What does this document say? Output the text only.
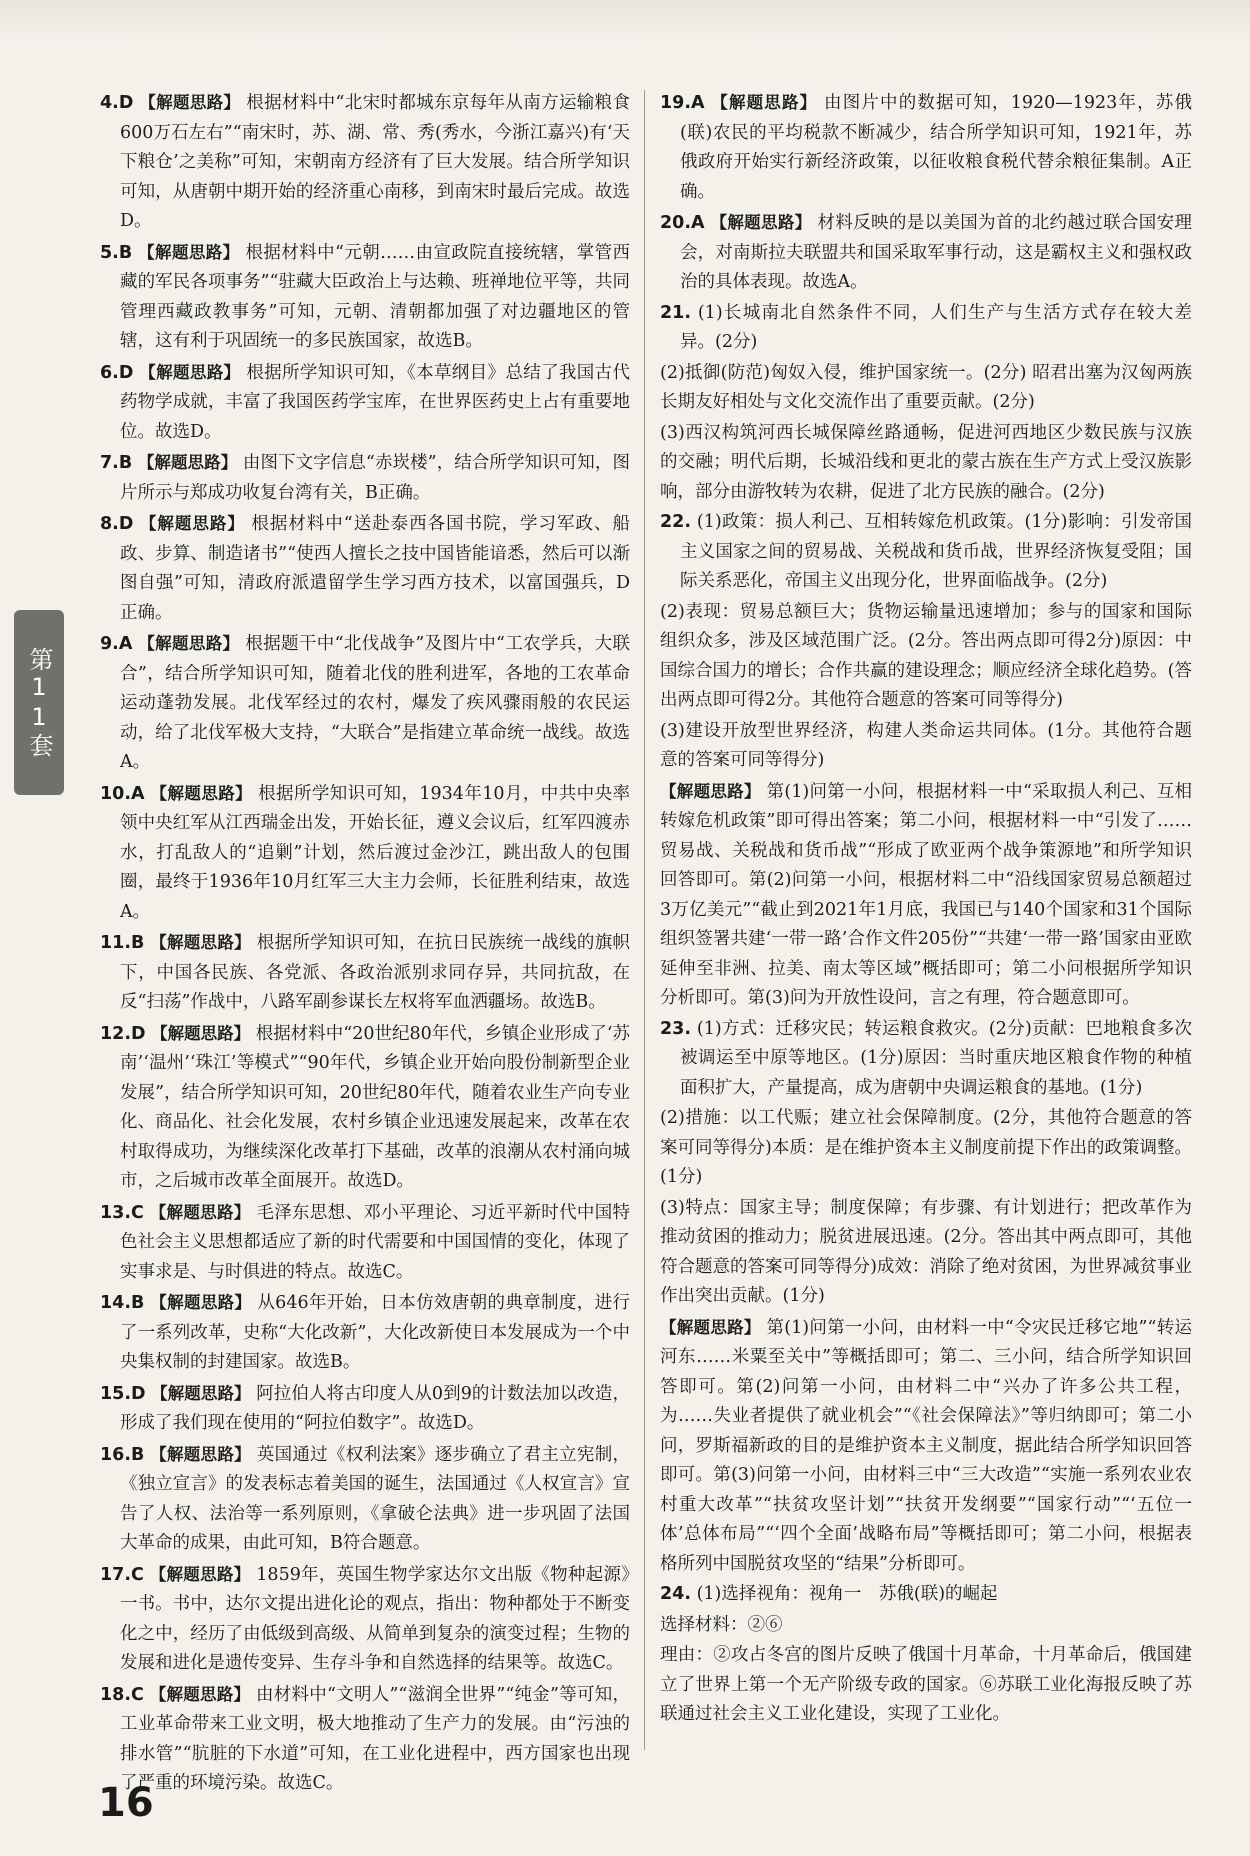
4.D 【解题思路】 根据材料中“北宋时都城东京每年从南方运输粮食600万石左右”“南宋时，苏、湖、常、秀(秀水，今浙江嘉兴)有‘天下粮仓’之美称”可知，宋朝南方经济有了巨大发展。结合所学知识可知，从唐朝中期开始的经济重心南移，到南宋时最后完成。故选D。
5.B 【解题思路】 根据材料中“元朝……由宣政院直接统辖，掌管西藏的军民各项事务”“驻藏大臣政治上与达赖、班禅地位平等，共同管理西藏政教事务”可知，元朝、清朝都加强了对边疆地区的管辖，这有利于巩固统一的多民族国家，故选B。
6.D 【解题思路】 根据所学知识可知，《本草纲目》总结了我国古代药物学成就，丰富了我国医药学宝库，在世界医药史上占有重要地位。故选D。
7.B 【解题思路】 由图下文字信息“赤崁楼”，结合所学知识可知，图片所示与郑成功收复台湾有关，B正确。
8.D 【解题思路】 根据材料中“送赴泰西各国书院，学习军政、船政、步算、制造诸书”“使西人擅长之技中国皆能谙悉，然后可以渐图自强”可知，清政府派遣留学生学习西方技术，以富国强兵，D正确。
9.A 【解题思路】 根据题干中“北伐战争”及图片中“工农学兵，大联合”，结合所学知识可知，随着北伐的胜利进军，各地的工农革命运动蓬勃发展。北伐军经过的农村，爆发了疾风骤雨般的农民运动，给了北伐军极大支持，“大联合”是指建立革命统一战线。故选A。
10.A 【解题思路】 根据所学知识可知，1934年10月，中共中央率领中央红军从江西瑞金出发，开始长征，遵义会议后，红军四渡赤水，打乱敌人的“追剿”计划，然后渡过金沙江，跳出敌人的包围圈，最终于1936年10月红军三大主力会师，长征胜利结束，故选A。
11.B 【解题思路】 根据所学知识可知，在抗日民族统一战线的旗帜下，中国各民族、各党派、各政治派别求同存异，共同抗敌，在反“扫荡”作战中，八路军副参谋长左权将军血洒疆场。故选B。
12.D 【解题思路】 根据材料中“20世纪80年代，乡镇企业形成了‘苏南’‘温州’‘珠江’等模式”“90年代，乡镇企业开始向股份制新型企业发展”，结合所学知识可知，20世纪80年代，随着农业生产向专业化、商品化、社会化发展，农村乡镇企业迅速发展起来，改革在农村取得成功，为继续深化改革打下基础，改革的浪潮从农村涌向城市，之后城市改革全面展开。故选D。
13.C 【解题思路】 毛泽东思想、邓小平理论、习近平新时代中国特色社会主义思想都适应了新的时代需要和中国国情的变化，体现了实事求是、与时俱进的特点。故选C。
14.B 【解题思路】 从646年开始，日本仿效唐朝的典章制度，进行了一系列改革，史称“大化改新”，大化改新使日本发展成为一个中央集权制的封建国家。故选B。
15.D 【解题思路】 阿拉伯人将古印度人从0到9的计数法加以改造，形成了我们现在使用的“阿拉伯数字”。故选D。
16.B 【解题思路】 英国通过《权利法案》逐步确立了君主立宪制，《独立宣言》的发表标志着美国的诞生，法国通过《人权宣言》宣告了人权、法治等一系列原则，《拿破仑法典》进一步巩固了法国大革命的成果，由此可知，B符合题意。
17.C 【解题思路】 1859年，英国生物学家达尔文出版《物种起源》一书。书中，达尔文提出进化论的观点，指出：物种都处于不断变化之中，经历了由低级到高级、从简单到复杂的演变过程；生物的发展和进化是遗传变异、生存斗争和自然选择的结果等。故选C。
18.C 【解题思路】 由材料中“文明人”“滋润全世界”“纯金”等可知，工业革命带来工业文明，极大地推动了生产力的发展。由“污浊的排水管”“肮脏的下水道”可知，在工业化进程中，西方国家也出现了严重的环境污染。故选C。
19.A 【解题思路】 由图片中的数据可知，1920—1923年，苏俄(联)农民的平均税款不断减少，结合所学知识可知，1921年，苏俄政府开始实行新经济政策，以征收粮食税代替余粮征集制。A正确。
20.A 【解题思路】 材料反映的是以美国为首的北约越过联合国安理会，对南斯拉夫联盟共和国采取军事行动，这是霸权主义和强权政治的具体表现。故选A。
21. (1)长城南北自然条件不同，人们生产与生活方式存在较大差异。(2分)
(2)抵御(防范)匈奴入侵，维护国家统一。(2分) 昭君出塞为汉匈两族长期友好相处与文化交流作出了重要贡献。(2分)
(3)西汉构筑河西长城保障丝路通畅，促进河西地区少数民族与汉族的交融；明代后期，长城沿线和更北的蒙古族在生产方式上受汉族影响，部分由游牧转为农耕，促进了北方民族的融合。(2分)
22. (1)政策：损人利己、互相转嫁危机政策。(1分)影响：引发帝国主义国家之间的贸易战、关税战和货币战，世界经济恢复受阻；国际关系恶化，帝国主义出现分化，世界面临战争。(2分)
(2)表现：贸易总额巨大；货物运输量迅速增加；参与的国家和国际组织众多，涉及区域范围广泛。(2分。答出两点即可得2分)原因：中国综合国力的增长；合作共赢的建设理念；顺应经济全球化趋势。(答出两点即可得2分。其他符合题意的答案可同等得分)
(3)建设开放型世界经济，构建人类命运共同体。(1分。其他符合题意的答案可同等得分)
【解题思路】 第(1)问第一小问，根据材料一中“采取损人利己、互相转嫁危机政策”即可得出答案；第二小问，根据材料一中“引发了……贸易战、关税战和货币战”“形成了欧亚两个战争策源地”和所学知识回答即可。第(2)问第一小问，根据材料二中“沿线国家贸易总额超过3万亿美元”“截止到2021年1月底，我国已与140个国家和31个国际组织签署共建‘一带一路’合作文件205份”“共建‘一带一路’国家由亚欧延伸至非洲、拉美、南太等区域”概括即可；第二小问根据所学知识分析即可。第(3)问为开放性设问，言之有理，符合题意即可。
23. (1)方式：迁移灾民；转运粮食救灾。(2分)贡献：巴地粮食多次被调运至中原等地区。(1分)原因：当时重庆地区粮食作物的种植面积扩大，产量提高，成为唐朝中央调运粮食的基地。(1分)
(2)措施：以工代赈；建立社会保障制度。(2分，其他符合题意的答案可同等得分)本质：是在维护资本主义制度前提下作出的政策调整。(1分)
(3)特点：国家主导；制度保障；有步骤、有计划进行；把改革作为推动贫困的推动力；脱贫进展迅速。(2分。答出其中两点即可，其他符合题意的答案可同等得分)成效：消除了绝对贫困，为世界减贫事业作出突出贡献。(1分)
【解题思路】 第(1)问第一小问，由材料一中“令灾民迁移它地”“转运河东……米粟至关中”等概括即可；第二、三小问，结合所学知识回答即可。第(2)问第一小问，由材料二中“兴办了许多公共工程，为……失业者提供了就业机会”“《社会保障法》”等归纳即可；第二小问，罗斯福新政的目的是维护资本主义制度，据此结合所学知识回答即可。第(3)问第一小问，由材料三中“三大改造”“实施一系列农业农村重大改革”“扶贫攻坚计划”“扶贫开发纲要”“国家行动”“‘五位一体’总体布局”“‘四个全面’战略布局”等概括即可；第二小问，根据表格所列中国脱贫攻坚的“结果”分析即可。
24. (1)选择视角：视角一　苏俄(联)的崛起
选择材料：②⑥
理由：②攻占冬宫的图片反映了俄国十月革命，十月革命后，俄国建立了世界上第一个无产阶级专政的国家。⑥苏联工业化海报反映了苏联通过社会主义工业化建设，实现了工业化。
第11套
16
